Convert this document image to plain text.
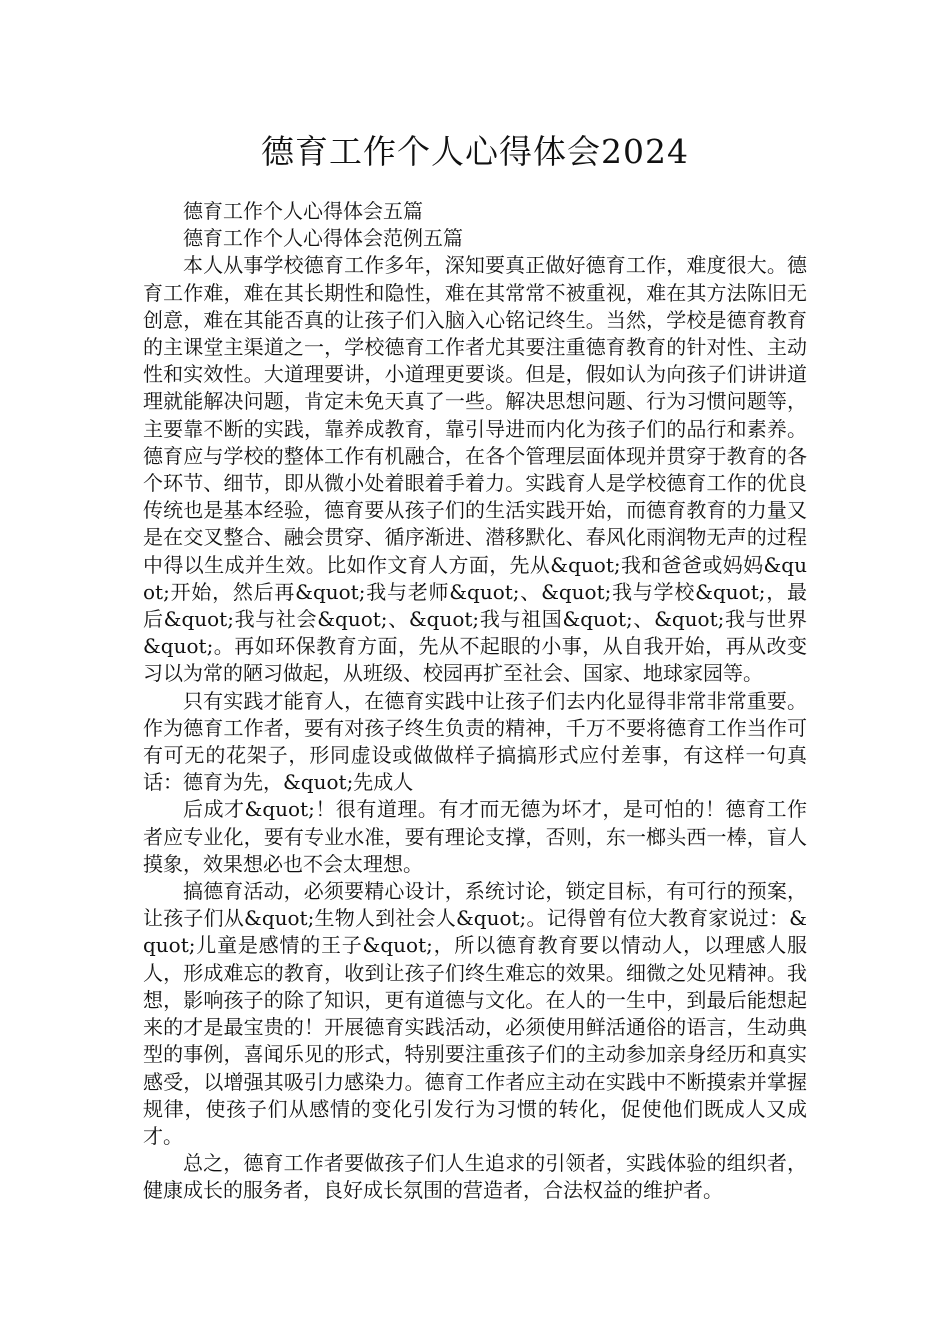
德育工作个人心得体会2024

德育工作个人心得体会五篇

德育工作个人心得体会范例五篇

本人从事学校德育工作多年，深知要真正做好德育工作，难度很大。德育工作难，难在其长期性和隐性，难在其常常不被重视，难在其方法陈旧无创意，难在其能否真的让孩子们入脑入心铭记终生。当然，学校是德育教育的主课堂主渠道之一，学校德育工作者尤其要注重德育教育的针对性、主动性和实效性。大道理要讲，小道理更要谈。但是，假如认为向孩子们讲讲道理就能解决问题，肯定未免天真了一些。解决思想问题、行为习惯问题等，主要靠不断的实践，靠养成教育，靠引导进而内化为孩子们的品行和素养。德育应与学校的整体工作有机融合，在各个管理层面体现并贯穿于教育的各个环节、细节，即从微小处着眼着手着力。实践育人是学校德育工作的优良传统也是基本经验，德育要从孩子们的生活实践开始，而德育教育的力量又是在交叉整合、融会贯穿、循序渐进、潜移默化、春风化雨润物无声的过程中得以生成并生效。比如作文育人方面，先从&quot;我和爸爸或妈妈&quot;开始，然后再&quot;我与老师&quot;、&quot;我与学校&quot;，最后&quot;我与社会&quot;、&quot;我与祖国&quot;、&quot;我与世界&quot;。再如环保教育方面，先从不起眼的小事，从自我开始，再从改变习以为常的陋习做起，从班级、校园再扩至社会、国家、地球家园等。

只有实践才能育人，在德育实践中让孩子们去内化显得非常非常重要。作为德育工作者，要有对孩子终生负责的精神，千万不要将德育工作当作可有可无的花架子，形同虚设或做做样子搞搞形式应付差事，有这样一句真话：德育为先，&quot;先成人

后成才&quot;！很有道理。有才而无德为坏才，是可怕的！德育工作者应专业化，要有专业水准，要有理论支撑，否则，东一榔头西一棒，盲人摸象，效果想必也不会太理想。

搞德育活动，必须要精心设计，系统讨论，锁定目标，有可行的预案，让孩子们从&quot;生物人到社会人&quot;。记得曾有位大教育家说过：&quot;儿童是感情的王子&quot;，所以德育教育要以情动人，以理感人服人，形成难忘的教育，收到让孩子们终生难忘的效果。细微之处见精神。我想，影响孩子的除了知识，更有道德与文化。在人的一生中，到最后能想起来的才是最宝贵的！开展德育实践活动，必须使用鲜活通俗的语言，生动典型的事例，喜闻乐见的形式，特别要注重孩子们的主动参加亲身经历和真实感受，以增强其吸引力感染力。德育工作者应主动在实践中不断摸索并掌握规律，使孩子们从感情的变化引发行为习惯的转化，促使他们既成人又成才。

总之，德育工作者要做孩子们人生追求的引领者，实践体验的组织者，健康成长的服务者，良好成长氛围的营造者，合法权益的维护者。
